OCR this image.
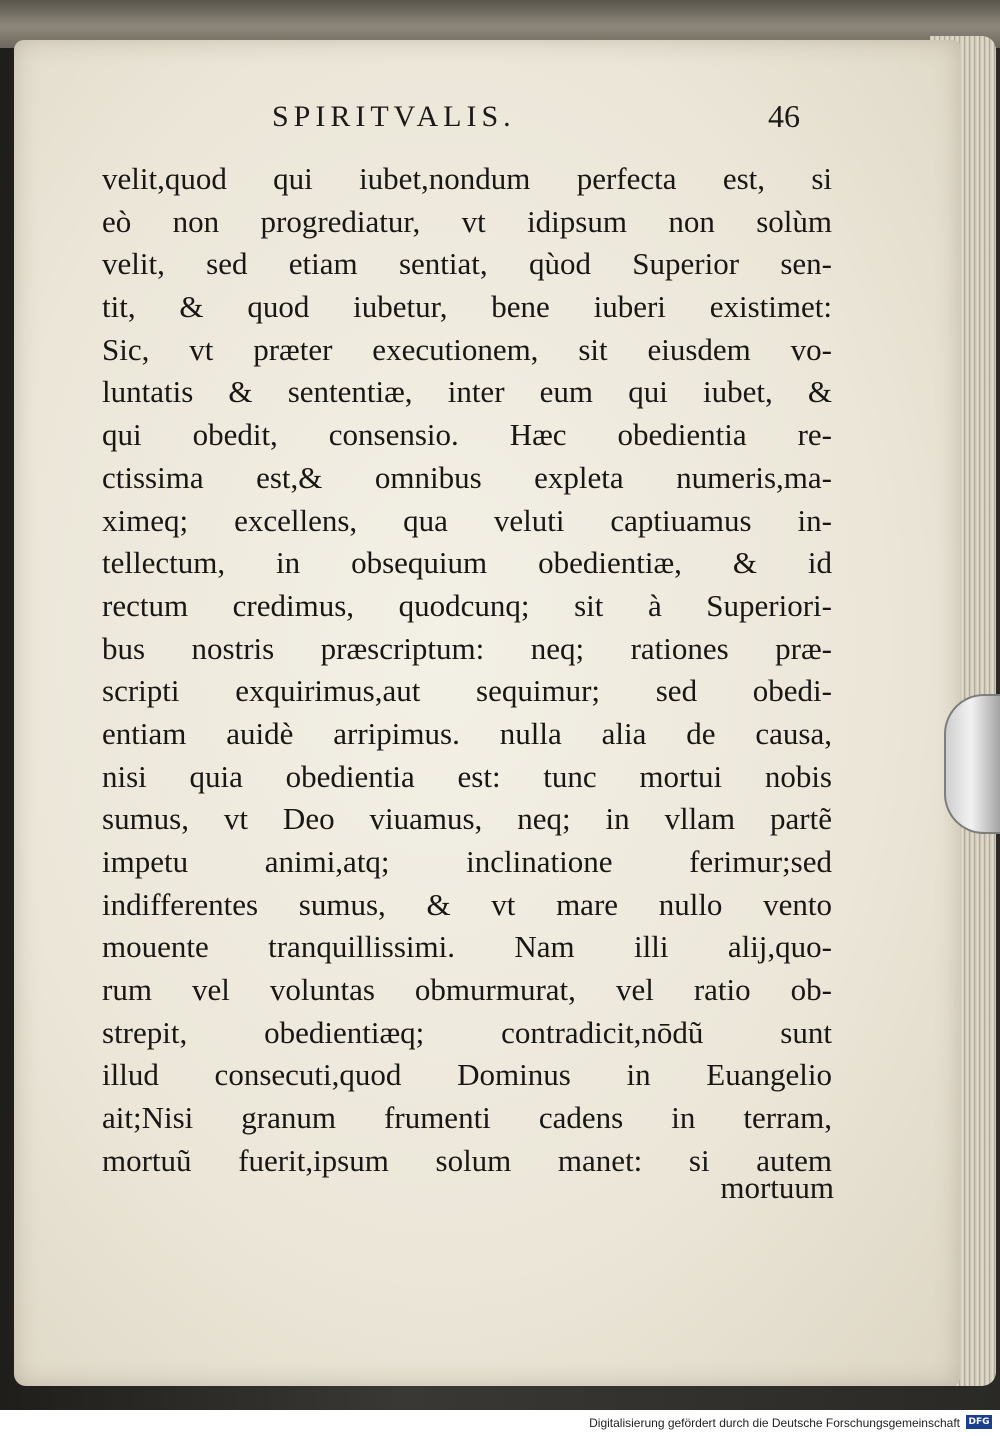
SPIRITVALIS.	46
velit,quod qui iubet,nondum perfecta est, si
eò non progrediatur, vt idipsum non solùm
velit, sed etiam sentiat, qùod Superior sen-
tit, & quod iubetur, bene iuberi existimet:
Sic, vt præter executionem, sit eiusdem vo-
luntatis & sententiæ, inter eum qui iubet, &
qui obedit, consensio. Hæc obedientia re-
ctissima est,& omnibus expleta numeris,ma-
ximeq; excellens, qua veluti captiuamus in-
tellectum, in obsequium obedientiæ, & id
rectum credimus, quodcunq; sit à Superiori-
bus nostris præscriptum: neq; rationes præ-
scripti exquirimus,aut sequimur; sed obedi-
entiam auidè arripimus. nulla alia de causa,
nisi quia obedientia est: tunc mortui nobis
sumus, vt Deo viuamus, neq; in vllam partẽ
impetu animi,atq; inclinatione ferimur;sed
indifferentes sumus, & vt mare nullo vento
mouente tranquillissimi. Nam illi alij,quo-
rum vel voluntas obmurmurat, vel ratio ob-
strepit, obedientiæq; contradicit,nōdũ sunt
illud consecuti,quod Dominus in Euangelio
ait;Nisi granum frumenti cadens in terram,
mortuũ fuerit,ipsum solum manet: si autem
mortuum
Digitalisierung gefördert durch die Deutsche Forschungsgemeinschaft DFG
